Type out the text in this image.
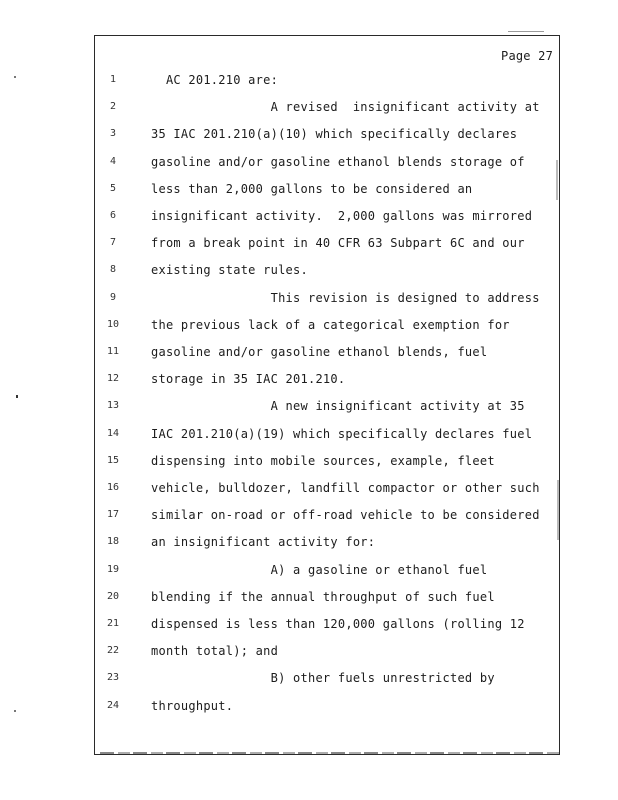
Page 27
1	AC 201.210 are:
2	A revised  insignificant activity at
3	35 IAC 201.210(a)(10) which specifically declares
4	gasoline and/or gasoline ethanol blends storage of
5	less than 2,000 gallons to be considered an
6	insignificant activity.  2,000 gallons was mirrored
7	from a break point in 40 CFR 63 Subpart 6C and our
8	existing state rules.
9	This revision is designed to address
10	the previous lack of a categorical exemption for
11	gasoline and/or gasoline ethanol blends, fuel
12	storage in 35 IAC 201.210.
13	A new insignificant activity at 35
14	IAC 201.210(a)(19) which specifically declares fuel
15	dispensing into mobile sources, example, fleet
16	vehicle, bulldozer, landfill compactor or other such
17	similar on-road or off-road vehicle to be considered
18	an insignificant activity for:
19	A) a gasoline or ethanol fuel
20	blending if the annual throughput of such fuel
21	dispensed is less than 120,000 gallons (rolling 12
22	month total); and
23	B) other fuels unrestricted by
24	throughput.
